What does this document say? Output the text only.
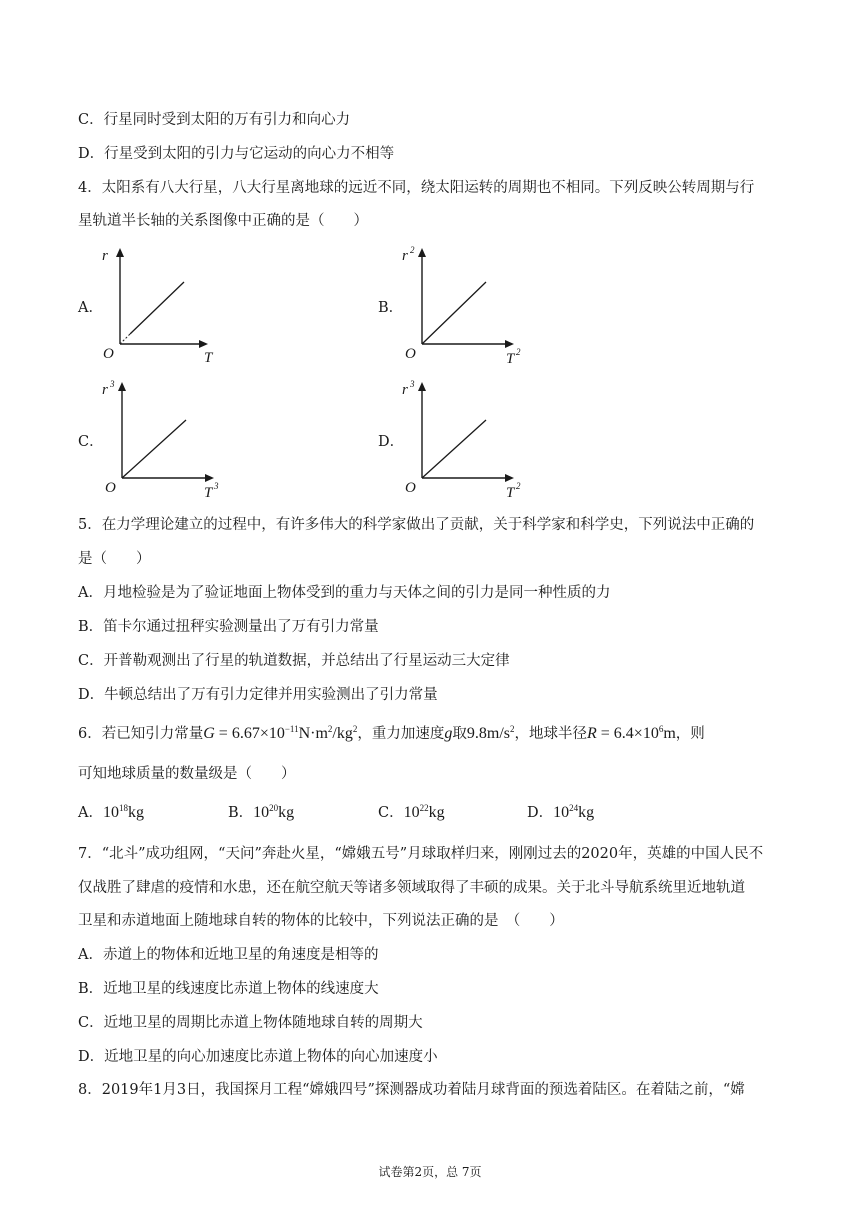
C．行星同时受到太阳的万有引力和向心力
D．行星受到太阳的引力与它运动的向心力不相等
4．太阳系有八大行星，八大行星离地球的远近不同，绕太阳运转的周期也不相同。下列反映公转周期与行
星轨道半长轴的关系图像中正确的是（　　）
A．
r
O	T
B．
r 2
O	T 2
C．
r 3
O	T 3
D．
r 3
O	T 2
5．在力学理论建立的过程中，有许多伟大的科学家做出了贡献，关于科学家和科学史，下列说法中正确的
是（　　）
A．月地检验是为了验证地面上物体受到的重力与天体之间的引力是同一种性质的力
B．笛卡尔通过扭秤实验测量出了万有引力常量
C．开普勒观测出了行星的轨道数据，并总结出了行星运动三大定律
D．牛顿总结出了万有引力定律并用实验测出了引力常量
6．若已知引力常量$G = 6.67\times 10^{-11}N\cdot m^2/kg^2$，重力加速度g取$9.8m/s^2$，地球半径$R = 6.4\times 10^6m$，则
可知地球质量的数量级是（　　）
A．$10^{18}kg$	B．$10^{20}kg$	C．$10^{22}kg$	D．$10^{24}kg$
7．“北斗”成功组网，“天问”奔赴火星，“嫦娥五号”月球取样归来，刚刚过去的2020年，英雄的中国人民不
仅战胜了肆虐的疫情和水患，还在航空航天等诸多领域取得了丰硕的成果。关于北斗导航系统里近地轨道
卫星和赤道地面上随地球自转的物体的比较中，下列说法正确的是　（　　）
A．赤道上的物体和近地卫星的角速度是相等的
B．近地卫星的线速度比赤道上物体的线速度大
C．近地卫星的周期比赤道上物体随地球自转的周期大
D．近地卫星的向心加速度比赤道上物体的向心加速度小
8．2019年1月3日，我国探月工程“嫦娥四号”探测器成功着陆月球背面的预选着陆区。在着陆之前，“嫦
试卷第2页，总 7页
